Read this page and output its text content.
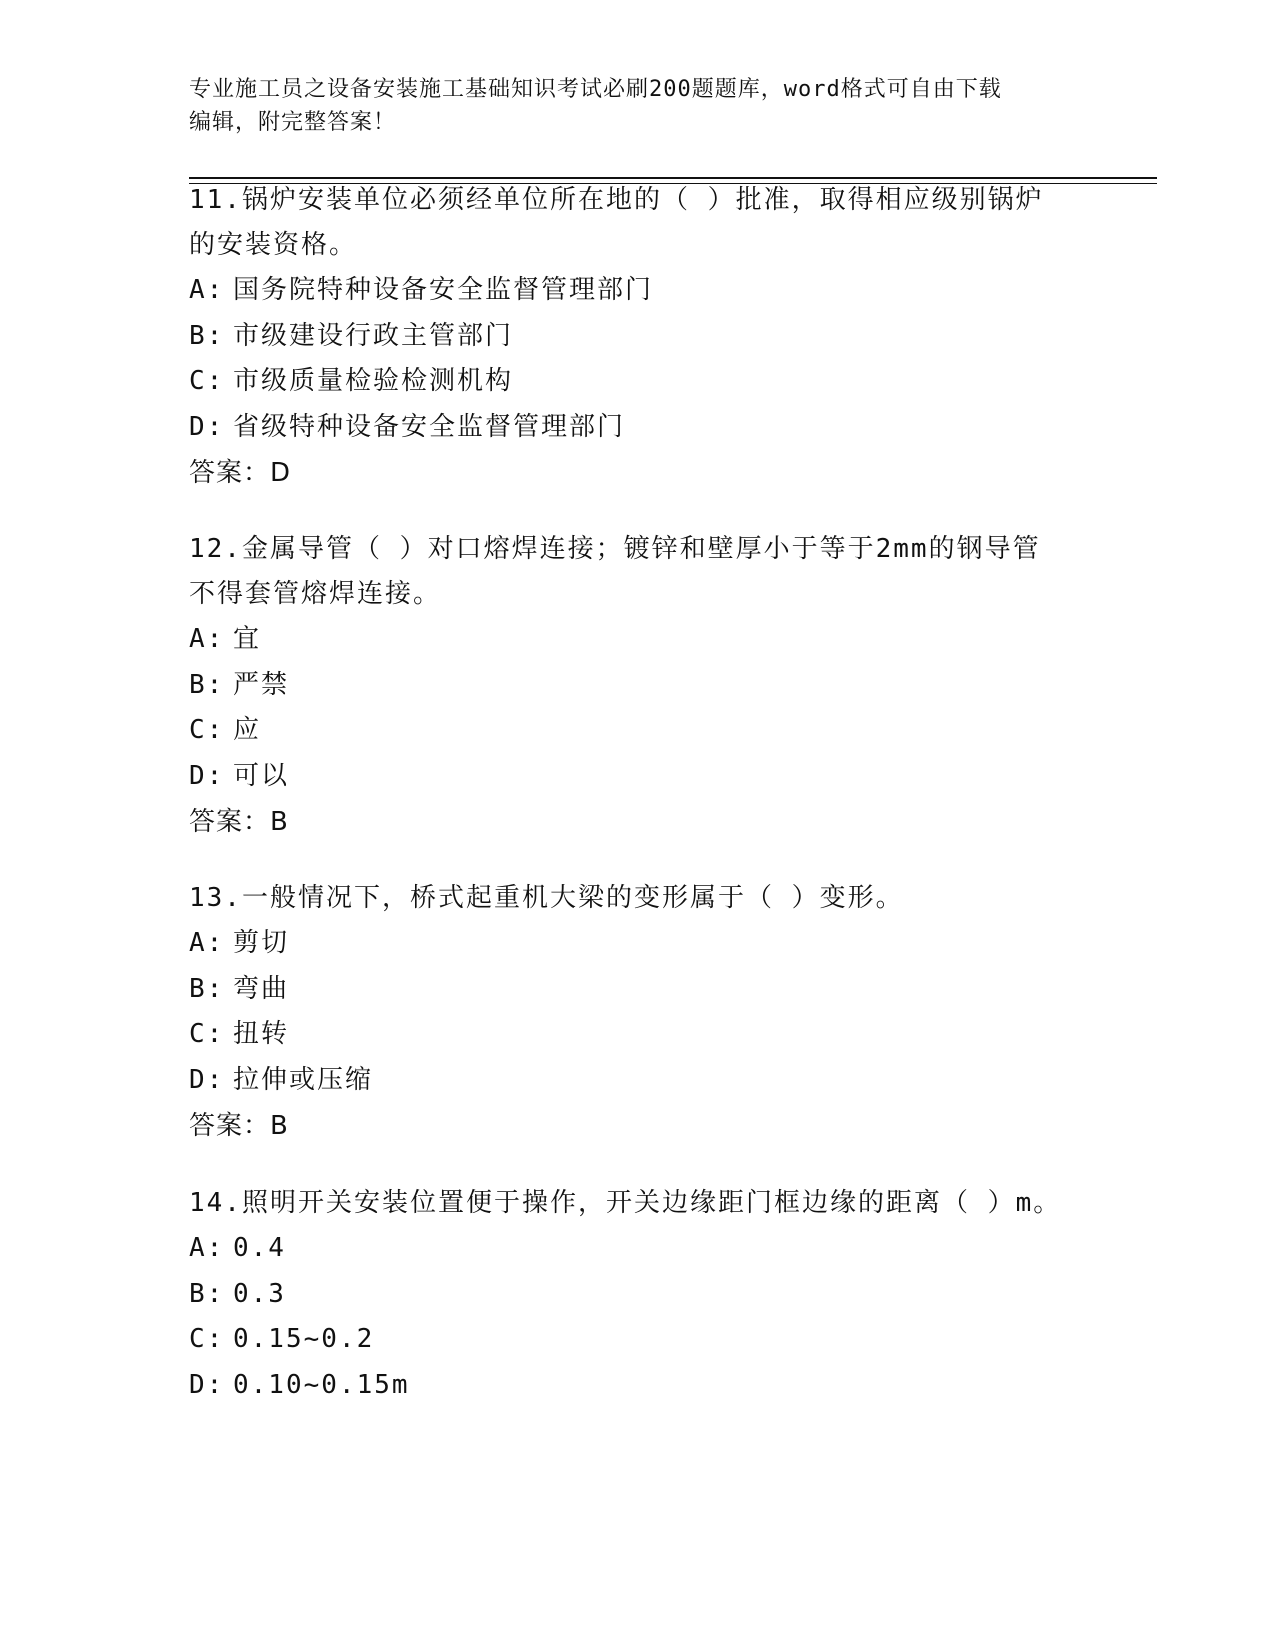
专业施工员之设备安装施工基础知识考试必刷200题题库，word格式可自由下载
编辑，附完整答案！
11.锅炉安装单位必须经单位所在地的（ ）批准，取得相应级别锅炉
的安装资格。
A: 国务院特种设备安全监督管理部门
B: 市级建设行政主管部门
C: 市级质量检验检测机构
D: 省级特种设备安全监督管理部门
答案：D
12.金属导管（ ）对口熔焊连接；镀锌和壁厚小于等于2mm的钢导管
不得套管熔焊连接。
A: 宜
B: 严禁
C: 应
D: 可以
答案：B
13.一般情况下，桥式起重机大梁的变形属于（ ）变形。
A: 剪切
B: 弯曲
C: 扭转
D: 拉伸或压缩
答案：B
14.照明开关安装位置便于操作，开关边缘距门框边缘的距离（ ）m。
A: 0.4
B: 0.3
C: 0.15~0.2
D: 0.10~0.15m
